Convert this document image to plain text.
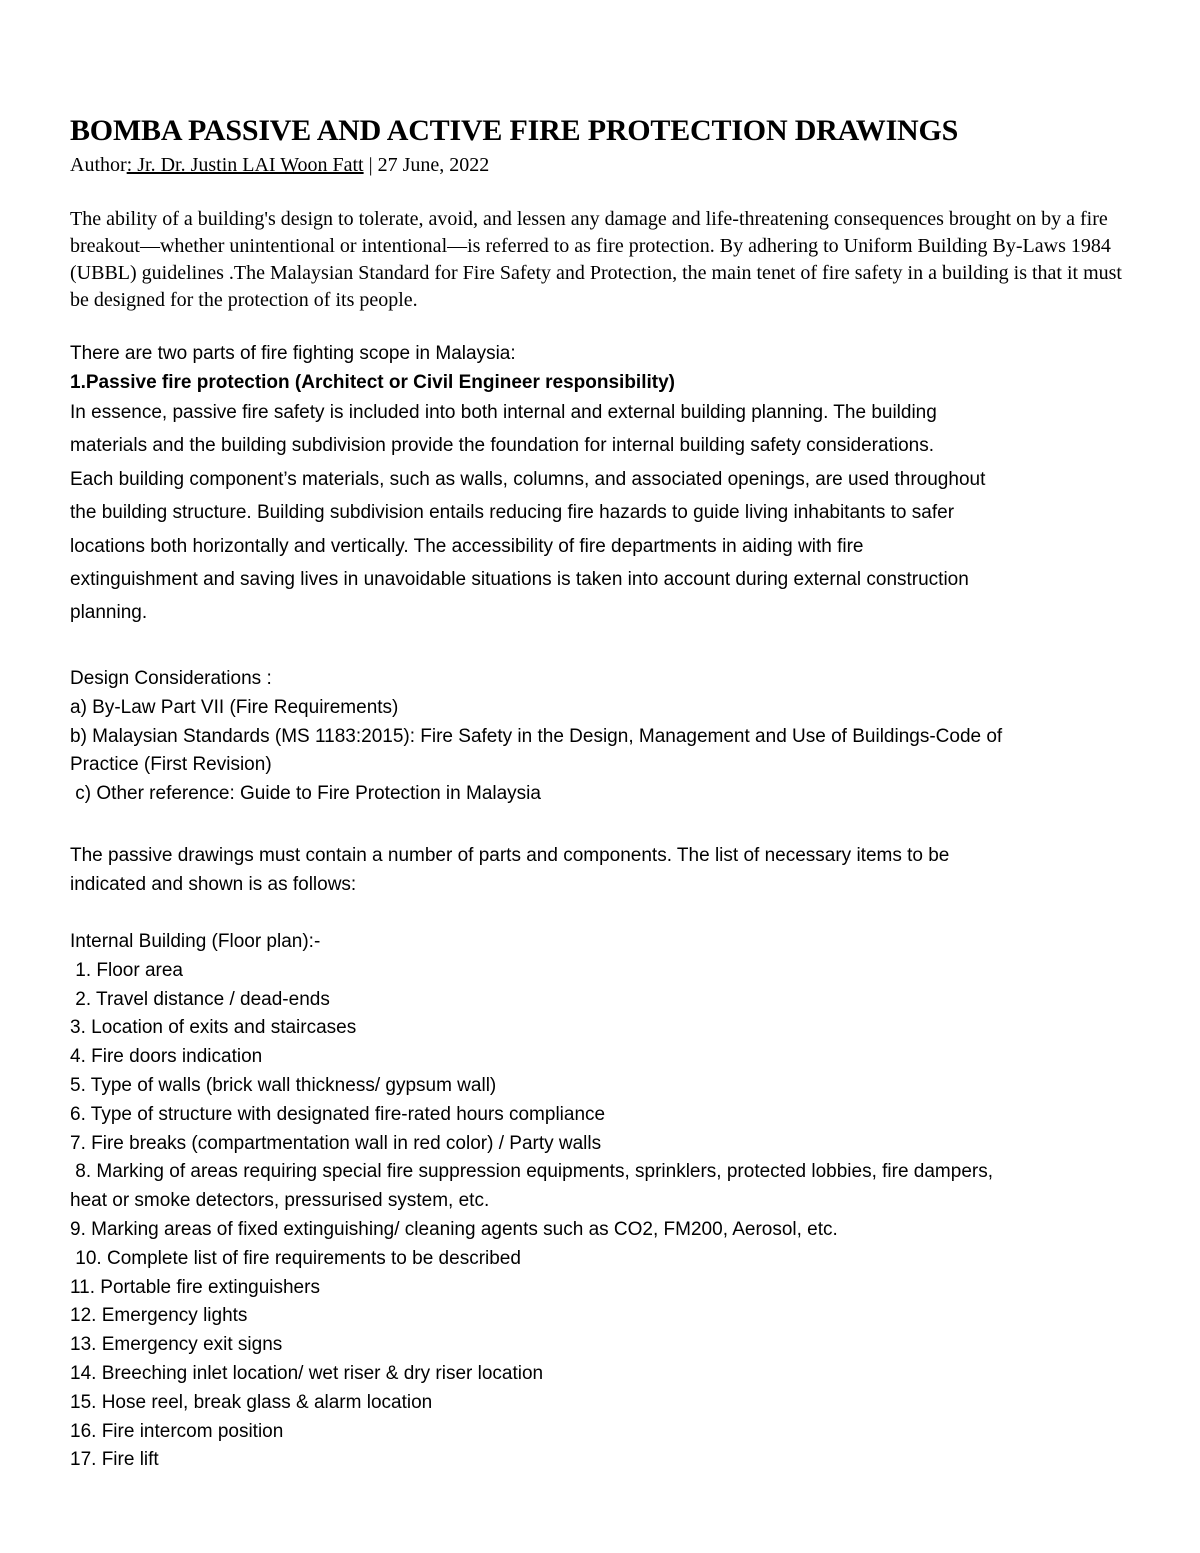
BOMBA PASSIVE AND ACTIVE FIRE PROTECTION DRAWINGS

Author: Jr. Dr. Justin LAI Woon Fatt | 27 June, 2022

The ability of a building's design to tolerate, avoid, and lessen any damage and life-threatening consequences brought on by a fire breakout—whether unintentional or intentional—is referred to as fire protection. By adhering to Uniform Building By-Laws 1984 (UBBL) guidelines .The Malaysian Standard for Fire Safety and Protection, the main tenet of fire safety in a building is that it must be designed for the protection of its people.

There are two parts of fire fighting scope in Malaysia:
1.Passive fire protection (Architect or Civil Engineer responsibility)
In essence, passive fire safety is included into both internal and external building planning. The building
materials and the building subdivision provide the foundation for internal building safety considerations.
Each building component’s materials, such as walls, columns, and associated openings, are used throughout
the building structure. Building subdivision entails reducing fire hazards to guide living inhabitants to safer
locations both horizontally and vertically. The accessibility of fire departments in aiding with fire
extinguishment and saving lives in unavoidable situations is taken into account during external construction
planning.
Design Considerations :
a) By-Law Part VII (Fire Requirements)
b) Malaysian Standards (MS 1183:2015): Fire Safety in the Design, Management and Use of Buildings-Code of
Practice (First Revision)
c) Other reference: Guide to Fire Protection in Malaysia
The passive drawings must contain a number of parts and components. The list of necessary items to be
indicated and shown is as follows:
Internal Building (Floor plan):-
1. Floor area
2. Travel distance / dead-ends
3. Location of exits and staircases
4. Fire doors indication
5. Type of walls (brick wall thickness/ gypsum wall)
6. Type of structure with designated fire-rated hours compliance
7. Fire breaks (compartmentation wall in red color) / Party walls
8. Marking of areas requiring special fire suppression equipments, sprinklers, protected lobbies, fire dampers,
heat or smoke detectors, pressurised system, etc.
9. Marking areas of fixed extinguishing/ cleaning agents such as CO2, FM200, Aerosol, etc.
10. Complete list of fire requirements to be described
11. Portable fire extinguishers
12. Emergency lights
13. Emergency exit signs
14. Breeching inlet location/ wet riser & dry riser location
15. Hose reel, break glass & alarm location
16. Fire intercom position
17. Fire lift
